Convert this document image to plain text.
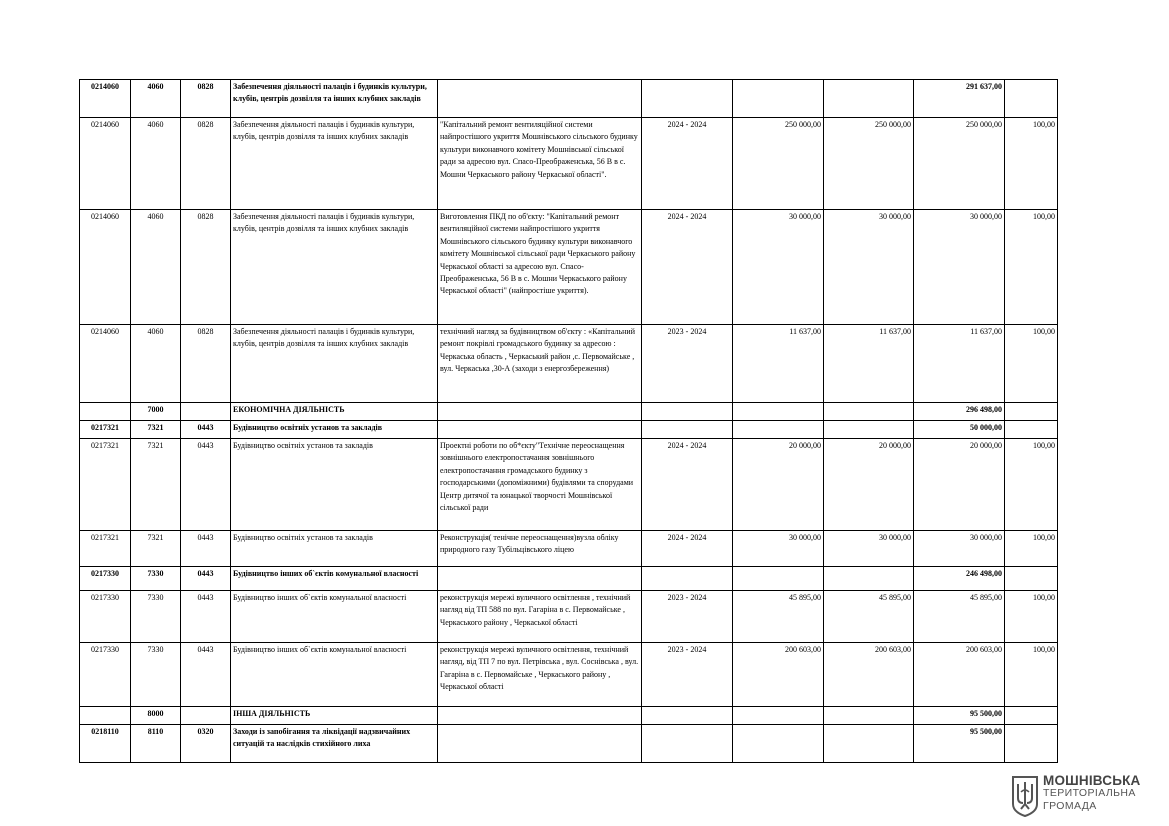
0214060	4060	0828	Забезпечення діяльності палаців і будинків культури, клубів, центрів дозвілля та інших клубних закладів					291 637,00	
0214060	4060	0828	Забезпечення діяльності палаців і будинків культури, клубів, центрів дозвілля та інших клубних закладів	"Капітальний ремонт вентиляційної системи найпростішого укриття Мошнівського сільського будинку культури виконавчого комітету Мошнівської сільської ради за адресою вул. Спасо-Преображенська, 56 В в с. Мошни Черкаського району Черкаської області".	2024 - 2024	250 000,00	250 000,00	250 000,00	100,00
0214060	4060	0828	Забезпечення діяльності палаців і будинків культури, клубів, центрів дозвілля та інших клубних закладів	Виготовлення ПКД по об'єкту: "Капітальний ремонт вентиляційної системи найпростішого укриття Мошнівського сільського будинку культури виконавчого комітету Мошнівської сільської ради Черкаського району Черкаської області за адресою вул. Спасо-Преображенська, 56 В в с. Мошни Черкаського району Черкаської області" (найпростіше укриття).	2024 - 2024	30 000,00	30 000,00	30 000,00	100,00
0214060	4060	0828	Забезпечення діяльності палаців і будинків культури, клубів, центрів дозвілля та інших клубних закладів	технічний нагляд за будівництвом об'єкту : «Капітальний ремонт покрівлі громадського будинку за адресою : Черкаська область , Черкаський район ,с. Первомайське , вул. Черкаська ,30-А (заходи з енергозбереження)	2023 - 2024	11 637,00	11 637,00	11 637,00	100,00
	7000		ЕКОНОМІЧНА ДІЯЛЬНІСТЬ					296 498,00	
0217321	7321	0443	Будівництво освітніх установ та закладів					50 000,00	
0217321	7321	0443	Будівництво освітніх установ та закладів	Проектні роботи по об*єкту"Технічне переоснащення зовнішнього електропостачання зовнішнього електропостачання громадського будинку з господарськими (допоміжними) будівлями та спорудами Центр дитячої та юнацької творчості Мошнівської сільської ради	2024 - 2024	20 000,00	20 000,00	20 000,00	100,00
0217321	7321	0443	Будівництво освітніх установ та закладів	Реконструкція( тенічне переоснащення)вузла обліку природного газу Тубільцівського ліцею	2024 - 2024	30 000,00	30 000,00	30 000,00	100,00
0217330	7330	0443	Будівництво інших об`єктів комунальної власності					246 498,00	
0217330	7330	0443	Будівництво інших об`єктів комунальної власності	реконструкція мережі вуличного освітлення , технічний нагляд від ТП 588 по вул. Гагаріна в с. Первомайське , Черкаського району , Черкаської області	2023 - 2024	45 895,00	45 895,00	45 895,00	100,00
0217330	7330	0443	Будівництво інших об`єктів комунальної власності	реконструкція мережі вуличного освітлення, технічний нагляд, від ТП 7 по вул. Петрівська , вул. Соснівська , вул. Гагаріна в с. Первомайське , Черкаського району , Черкаської області	2023 - 2024	200 603,00	200 603,00	200 603,00	100,00
	8000		ІНША ДІЯЛЬНІСТЬ					95 500,00	
0218110	8110	0320	Заходи із запобігання та ліквідації надзвичайних ситуацій та наслідків стихійного лиха					95 500,00	
МОШНІВСЬКА
ТЕРИТОРІАЛЬНА
ГРОМАДА
